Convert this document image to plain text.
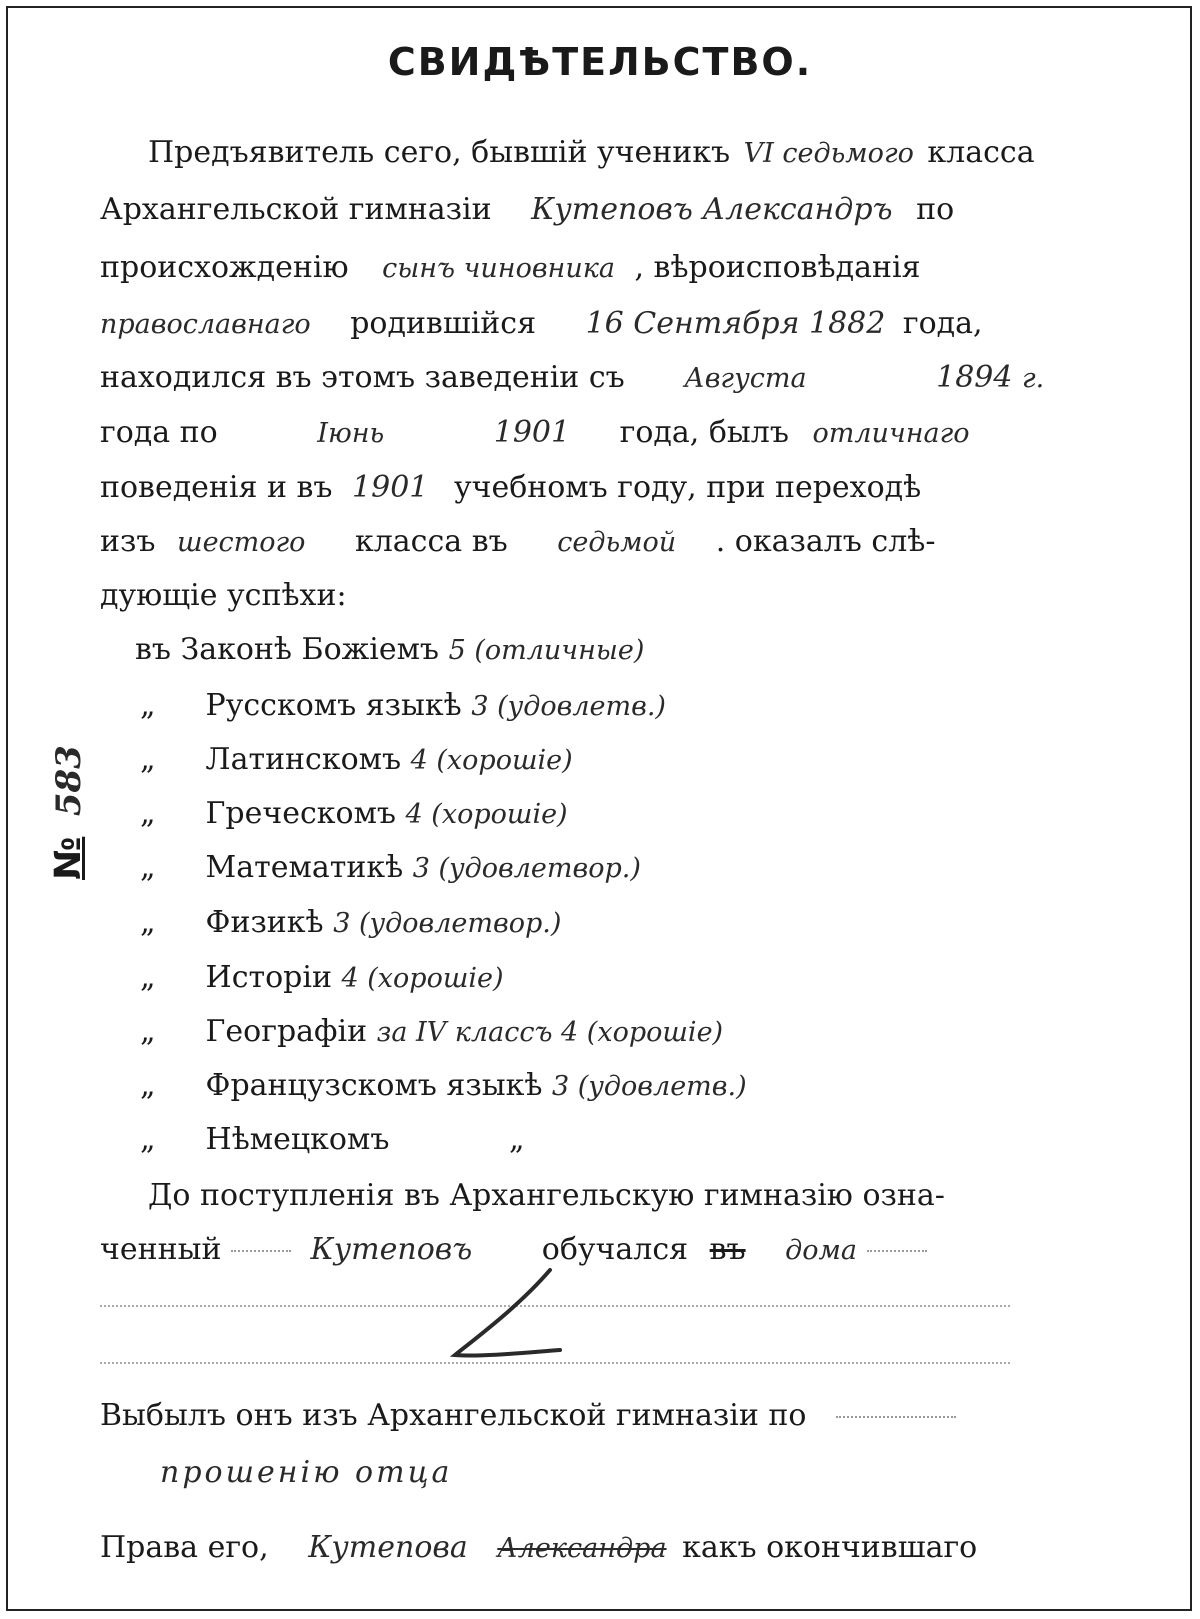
СВИДѢТЕЛЬСТВО.
№ 583
Предъявитель сего, бывшій ученикъ VI седьмого класса
Архангельской гимназіи Кутеповъ Александръ по
происхожденію сынъ чиновника , вѣроисповѣданія
православнаго родившійся 16 Сентября 1882 года,
находился въ этомъ заведеніи съ Августа	1894 г.
года по	Іюнь	1901 года, былъ отличнаго
поведенія и въ 1901 учебномъ году, при переходѣ
изъ шестого класса въ седьмой . оказалъ слѣ-
дующіе успѣхи:
въ Законѣ Божіемъ 5 (отличные)
„ Русскомъ языкѣ 3 (удовлетв.)
„ Латинскомъ 4 (хорошіе)
„ Греческомъ 4 (хорошіе)
„ Математикѣ 3 (удовлетвор.)
„ Физикѣ 3 (удовлетвор.)
„ Исторіи 4 (хорошіе)
„ Географіи за IV классъ 4 (хорошіе)
„ Французскомъ языкѣ 3 (удовлетв.)
„ Нѣмецкомъ	„
До поступленія въ Архангельскую гимназію озна-
ченный	Кутеповъ обучался въ дома
Выбылъ онъ изъ Архангельской гимназіи по
прошенію отца
Права его, Кутепова Александра какъ окончившаго
